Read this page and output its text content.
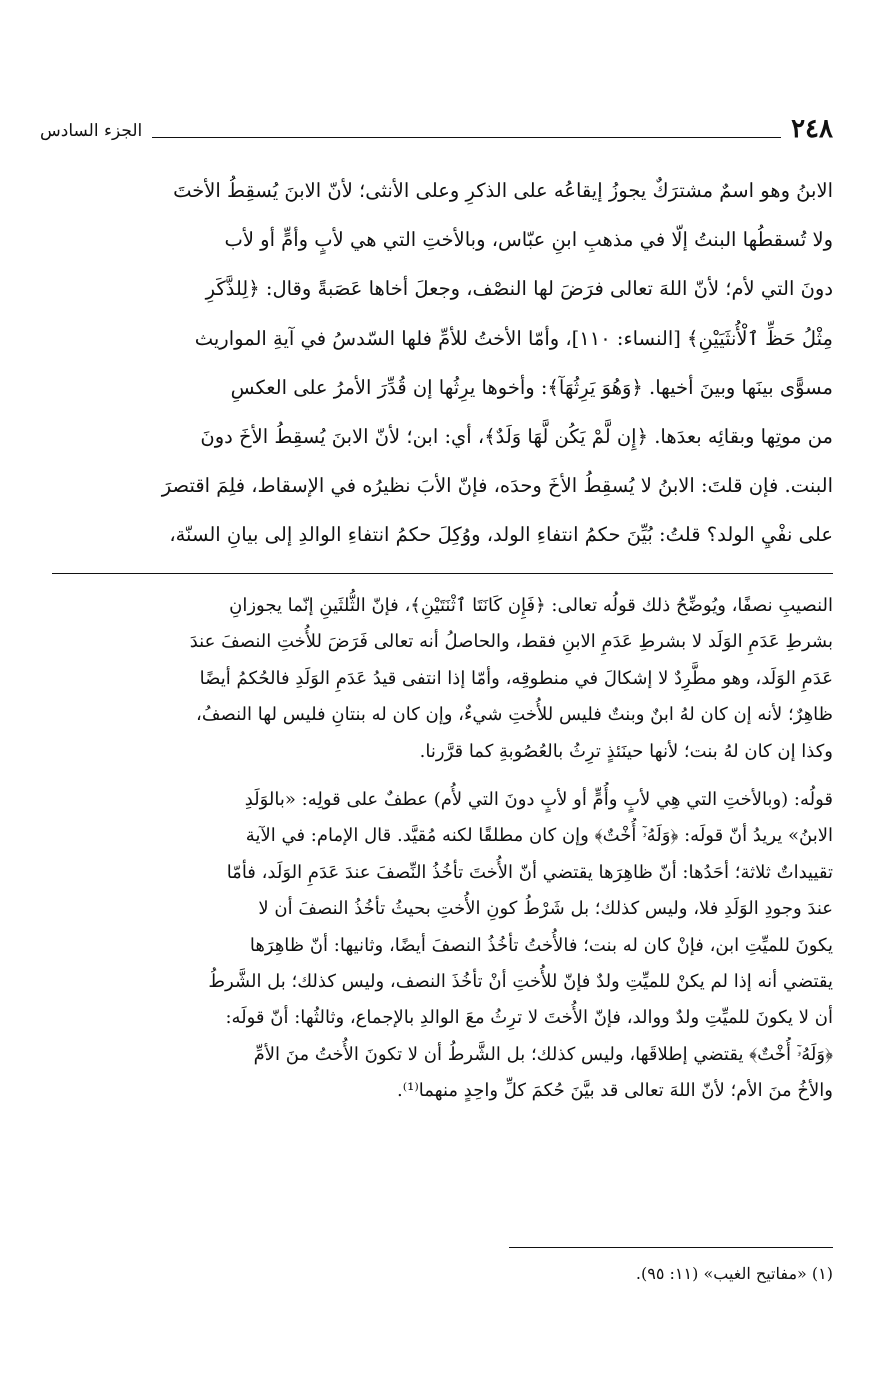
٢٤٨
الجزء السادس
الابنُ وهو اسمٌ مشترَكٌ يجوزُ إيقاعُه على الذكرِ وعلى الأنثى؛ لأنّ الابنَ يُسقِطُ الأختَ
ولا تُسقطُها البنتُ إلّا في مذهبِ ابنِ عبّاس، وبالأختِ التي هي لأبٍ وأمٍّ أو لأب
دونَ التي لأم؛ لأنّ اللهَ تعالى فرَضَ لها النصْف، وجعلَ أخاها عَصَبةً وقال: ﴿لِلذَّكَرِ
مِثْلُ حَظِّ ٱلْأُنثَيَيْنِ﴾ [النساء: ١١٠]، وأمّا الأختُ للأمِّ فلها السّدسُ في آيةِ المواريث
مسوًّى بينَها وبينَ أخيها. ﴿وَهُوَ يَرِثُهَآ﴾: وأخوها يرِثُها إن قُدِّرَ الأمرُ على العكسِ
من موتِها وبقائِه بعدَها. ﴿إِن لَّمْ يَكُن لَّهَا وَلَدٌ﴾، أي: ابن؛ لأنّ الابنَ يُسقِطُ الأخَ دونَ
البنت. فإن قلتَ: الابنُ لا يُسقِطُ الأخَ وحدَه، فإنّ الأبَ نظيرُه في الإسقاط، فلِمَ اقتصرَ
على نفْيِ الولد؟ قلتُ: بُيِّنَ حكمُ انتفاءِ الولد، ووُكِلَ حكمُ انتفاءِ الوالدِ إلى بيانِ السنّة،
النصيبِ نصفًا، ويُوضِّحُ ذلك قولُه تعالى: ﴿فَإِن كَانَتَا ٱثْنَتَيْنِ﴾، فإنّ الثُّلثَينِ إنّما يجوزانِ
بشرطِ عَدَمِ الوَلَد لا بشرطِ عَدَمِ الابنِ فقط، والحاصلُ أنه تعالى فَرَضَ للأُختِ النصفَ عندَ
عَدَمِ الوَلَد، وهو مطَّرِدٌ لا إشكالَ في منطوقِه، وأمّا إذا انتفى قيدُ عَدَمِ الوَلَدِ فالحُكمُ أيضًا
ظاهِرٌ؛ لأنه إن كان لهُ ابنٌ وبنتٌ فليس للأُختِ شيءٌ، وإن كان له بنتانِ فليس لها النصفُ،
وكذا إن كان لهُ بنت؛ لأنها حينَئذٍ ترِثُ بالعُصُوبةِ كما قرَّرنا.
قولُه: (وبالأختِ التي هِي لأبٍ وأُمٍّ أو لأبٍ دونَ التي لأُم) عطفٌ على قولِه: «بالوَلَدِ
الابنُ» يريدُ أنّ قولَه: ﴿وَلَهُۥٓ أُخْتٌ﴾ وإن كان مطلقًا لكنه مُقيَّد. قال الإمام: في الآية
تقييداتٌ ثلاثة؛ أحَدُها: أنّ ظاهِرَها يقتضي أنّ الأُختَ تأخُذُ النِّصفَ عندَ عَدَمِ الوَلَد، فأمّا
عندَ وجودِ الوَلَدِ فلا، وليس كذلك؛ بل شَرْطُ كونِ الأُختِ بحيثُ تأخُذُ النصفَ أن لا
يكونَ للميِّتِ ابن، فإنْ كان له بنت؛ فالأُختُ تأخُذُ النصفَ أيضًا، وثانيها: أنّ ظاهِرَها
يقتضي أنه إذا لم يكنْ للميِّتِ ولدٌ فإنّ للأُختِ أنْ تأخُذَ النصف، وليس كذلك؛ بل الشَّرطُ
أن لا يكونَ للميِّتِ ولدٌ ووالد، فإنّ الأُختَ لا ترِثُ معَ الوالدِ بالإجماع، وثالثُها: أنّ قولَه:
﴿وَلَهُۥٓ أُخْتٌ﴾ يقتضي إطلاقَها، وليس كذلك؛ بل الشَّرطُ أن لا تكونَ الأُختُ منَ الأمِّ
والأخُ منَ الأم؛ لأنّ اللهَ تعالى قد بيَّنَ حُكمَ كلِّ واحِدٍ منهما⁽¹⁾.
(١) «مفاتيح الغيب» (١١: ٩٥).
